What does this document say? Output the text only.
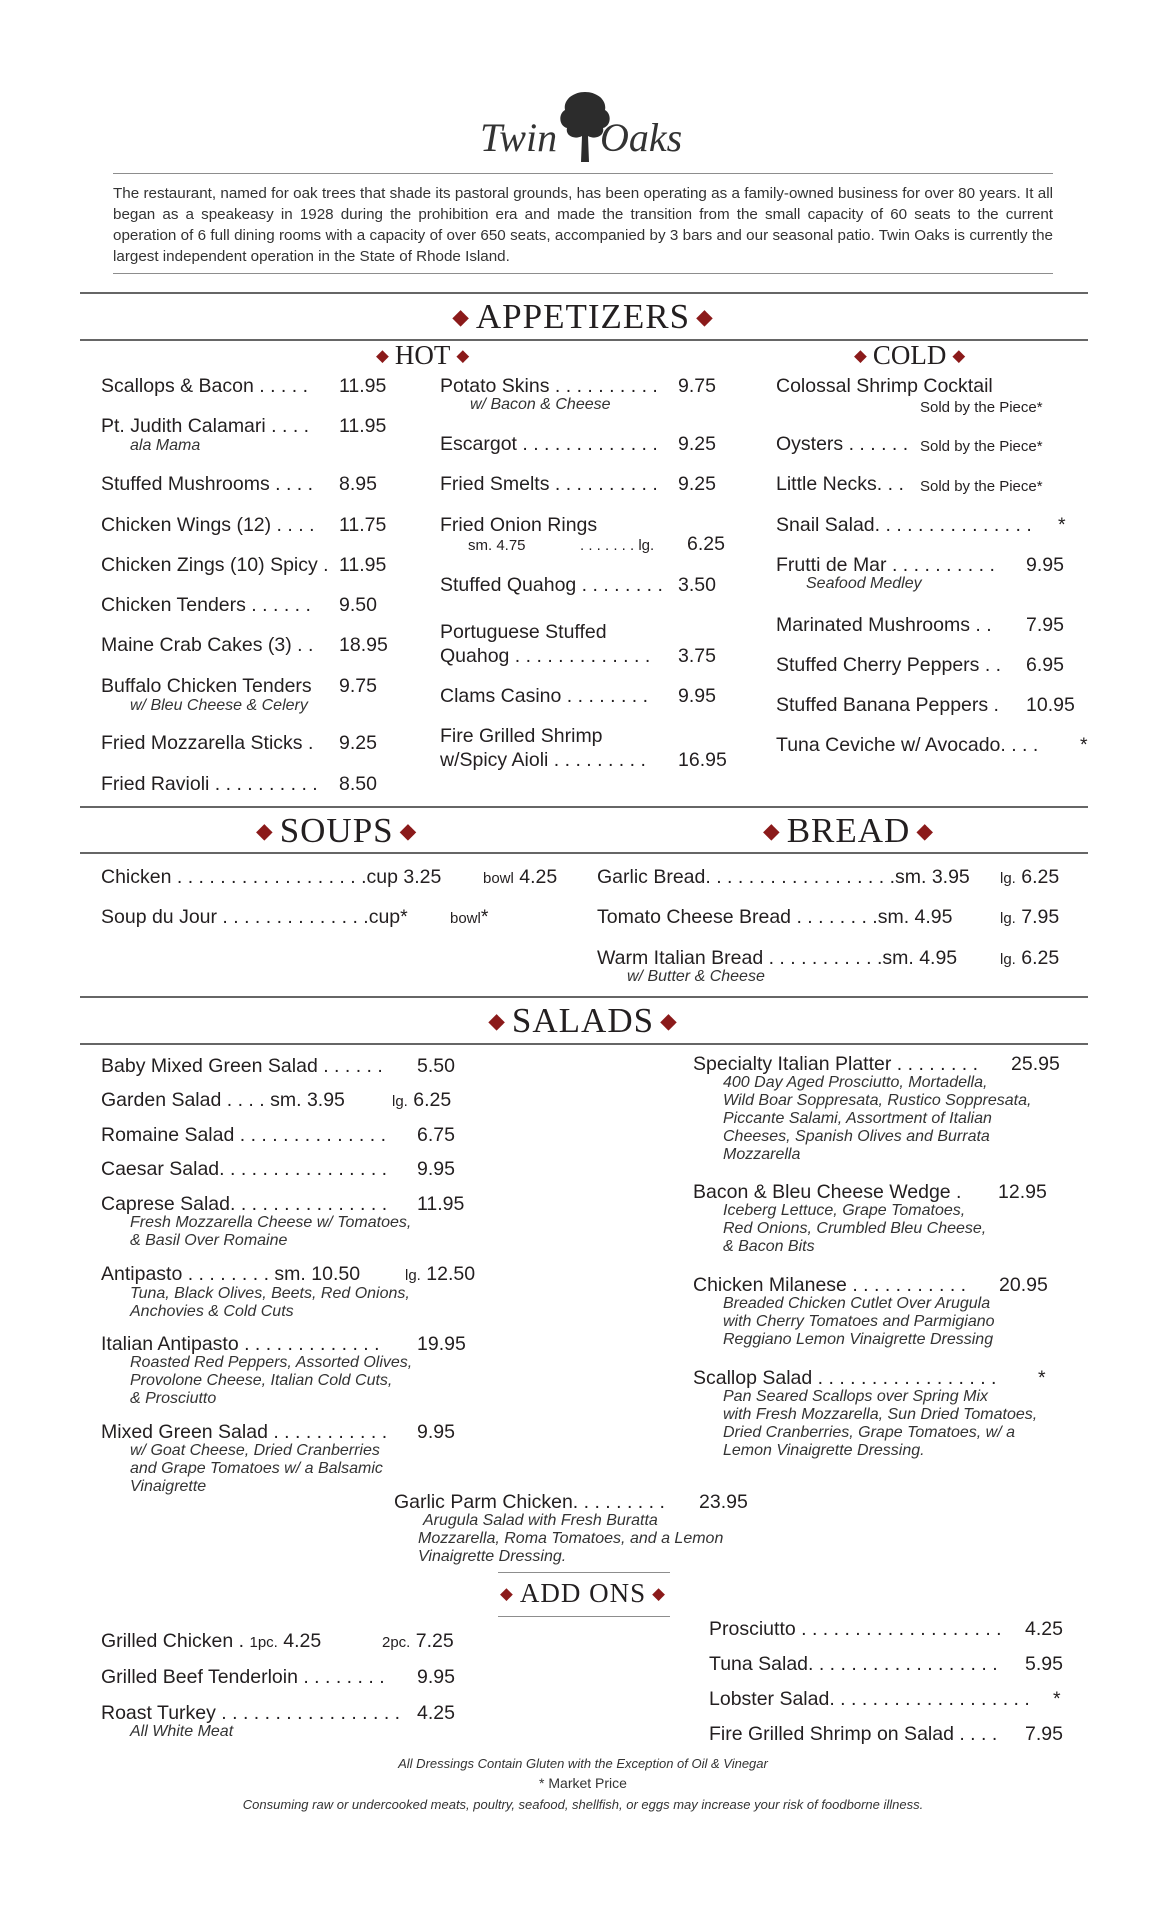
Twin Oaks
The restaurant, named for oak trees that shade its pastoral grounds, has been operating as a family-owned business for over 80 years. It all began as a speakeasy in 1928 during the prohibition era and made the transition from the small capacity of 60 seats to the current operation of 6 full dining rooms with a capacity of over 650 seats, accompanied by 3 bars and our seasonal patio. Twin Oaks is currently the largest independent operation in the State of Rhode Island.
◆ APPETIZERS ◆
◆ HOT ◆	◆ COLD ◆
Scallops & Bacon . . . . . 11.95
Pt. Judith Calamari . . . . 11.95
ala Mama
Stuffed Mushrooms . . . . 8.95
Chicken Wings (12) . . . . 11.75
Chicken Zings (10) Spicy . 11.95
Chicken Tenders . . . . . . 9.50
Maine Crab Cakes (3) . . 18.95
Buffalo Chicken Tenders 9.75
w/ Bleu Cheese & Celery
Fried Mozzarella Sticks . 9.25
Fried Ravioli . . . . . . . . . . 8.50
Potato Skins . . . . . . . . . . 9.75
w/ Bacon & Cheese
Escargot . . . . . . . . . . . . . 9.25
Fried Smelts . . . . . . . . . . 9.25
Fried Onion Rings
sm. 4.75	. . . . . . . lg. 6.25
Stuffed Quahog . . . . . . . . 3.50
Portuguese Stuffed
Quahog . . . . . . . . . . . . . 3.75
Clams Casino . . . . . . . . 9.95
Fire Grilled Shrimp
w/Spicy Aioli . . . . . . . . . 16.95
Colossal Shrimp Cocktail
Sold by the Piece*
Oysters . . . . . . Sold by the Piece*
Little Necks. . . Sold by the Piece*
Snail Salad. . . . . . . . . . . . . . . *
Frutti de Mar . . . . . . . . . . 9.95
Seafood Medley
Marinated Mushrooms . . 7.95
Stuffed Cherry Peppers . . 6.95
Stuffed Banana Peppers . 10.95
Tuna Ceviche w/ Avocado. . . . *
◆ SOUPS ◆	◆ BREAD ◆
Chicken . . . . . . . . . . . . . . . . . .cup 3.25	bowl 4.25
Soup du Jour . . . . . . . . . . . . . .cup*	bowl*
Garlic Bread. . . . . . . . . . . . . . . . . .sm. 3.95 lg. 6.25
Tomato Cheese Bread . . . . . . . .sm. 4.95	lg. 7.95
Warm Italian Bread . . . . . . . . . . .sm. 4.95	lg. 6.25
w/ Butter & Cheese
◆ SALADS ◆
Baby Mixed Green Salad . . . . . . 5.50
Garden Salad . . . . sm. 3.95	lg. 6.25
Romaine Salad . . . . . . . . . . . . . . 6.75
Caesar Salad. . . . . . . . . . . . . . . . 9.95
Caprese Salad. . . . . . . . . . . . . . . 11.95
Fresh Mozzarella Cheese w/ Tomatoes,
& Basil Over Romaine
Antipasto . . . . . . . . sm. 10.50	lg. 12.50
Tuna, Black Olives, Beets, Red Onions,
Anchovies & Cold Cuts
Italian Antipasto . . . . . . . . . . . . . 19.95
Roasted Red Peppers, Assorted Olives,
Provolone Cheese, Italian Cold Cuts,
& Prosciutto
Mixed Green Salad . . . . . . . . . . . 9.95
w/ Goat Cheese, Dried Cranberries
and Grape Tomatoes w/ a Balsamic
Vinaigrette
Specialty Italian Platter . . . . . . . . 25.95
400 Day Aged Prosciutto, Mortadella,
Wild Boar Soppresata, Rustico Soppresata,
Piccante Salami, Assortment of Italian
Cheeses, Spanish Olives and Burrata
Mozzarella
Bacon & Bleu Cheese Wedge . 12.95
Iceberg Lettuce, Grape Tomatoes,
Red Onions, Crumbled Bleu Cheese,
& Bacon Bits
Chicken Milanese . . . . . . . . . . . 20.95
Breaded Chicken Cutlet Over Arugula
with Cherry Tomatoes and Parmigiano
Reggiano Lemon Vinaigrette Dressing
Scallop Salad . . . . . . . . . . . . . . . . . *
Pan Seared Scallops over Spring Mix
with Fresh Mozzarella, Sun Dried Tomatoes,
Dried Cranberries, Grape Tomatoes, w/ a
Lemon Vinaigrette Dressing.
Garlic Parm Chicken. . . . . . . . . 23.95
Arugula Salad with Fresh Buratta
Mozzarella, Roma Tomatoes, and a Lemon
Vinaigrette Dressing.
◆ ADD ONS ◆
Grilled Chicken . 1pc. 4.25	2pc. 7.25
Grilled Beef Tenderloin . . . . . . . . 9.95
Roast Turkey . . . . . . . . . . . . . . . . . 4.25
All White Meat
Prosciutto . . . . . . . . . . . . . . . . . . . 4.25
Tuna Salad. . . . . . . . . . . . . . . . . . 5.95
Lobster Salad. . . . . . . . . . . . . . . . . . . *
Fire Grilled Shrimp on Salad . . . . 7.95
All Dressings Contain Gluten with the Exception of Oil & Vinegar
* Market Price
Consuming raw or undercooked meats, poultry, seafood, shellfish, or eggs may increase your risk of foodborne illness.
